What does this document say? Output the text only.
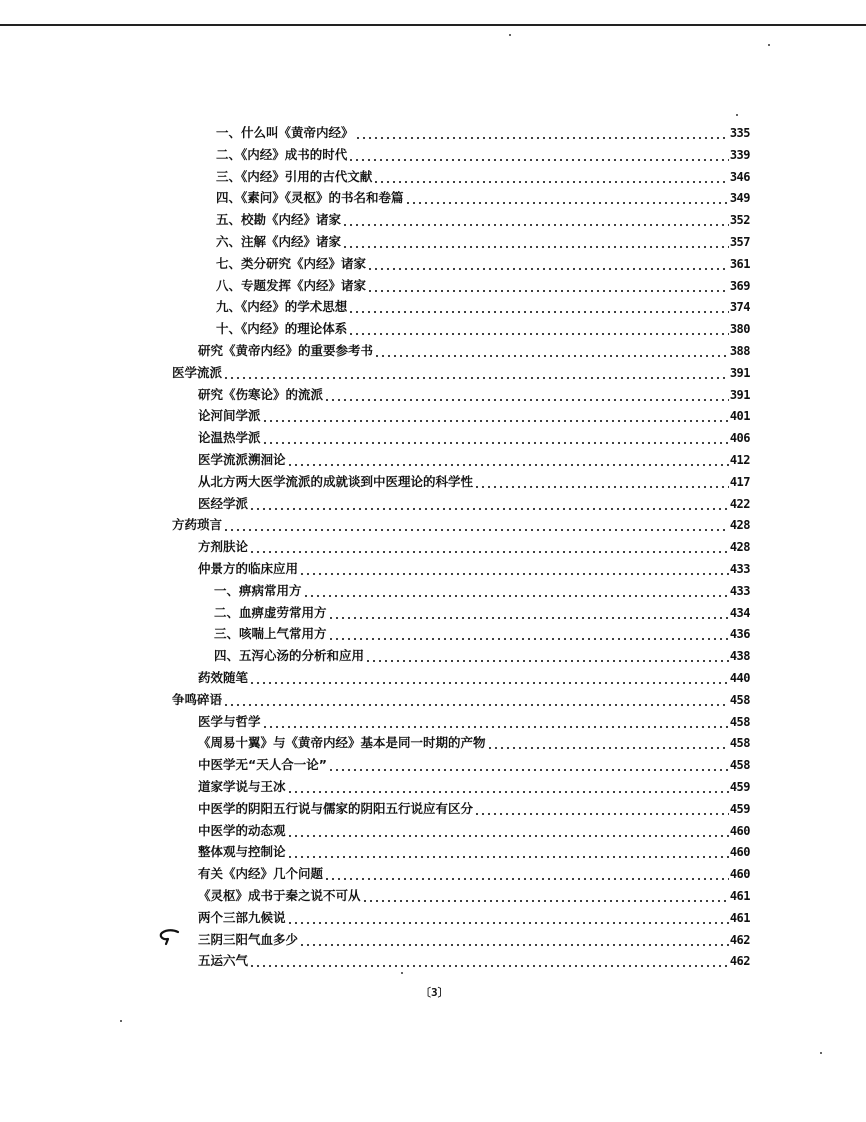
一、什么叫《黄帝内经》	335
二、《内经》成书的时代	339
三、《内经》引用的古代文献	346
四、《素问》《灵枢》的书名和卷篇	349
五、校勘《内经》诸家	352
六、注解《内经》诸家	357
七、类分研究《内经》诸家	361
八、专题发挥《内经》诸家	369
九、《内经》的学术思想	374
十、《内经》的理论体系	380
研究《黄帝内经》的重要参考书	388
医学流派	391
研究《伤寒论》的流派	391
论河间学派	401
论温热学派	406
医学流派溯洄论	412
从北方两大医学流派的成就谈到中医理论的科学性	417
医经学派	422
方药琐言	428
方剂肤论	428
仲景方的临床应用	433
一、痹病常用方	433
二、血痹虚劳常用方	434
三、咳喘上气常用方	436
四、五泻心汤的分析和应用	438
药效随笔	440
争鸣碎语	458
医学与哲学	458
《周易十翼》与《黄帝内经》基本是同一时期的产物	458
中医学无“天人合一论”	458
道家学说与王冰	459
中医学的阴阳五行说与儒家的阴阳五行说应有区分	459
中医学的动态观	460
整体观与控制论	460
有关《内经》几个问题	460
《灵枢》成书于秦之说不可从	461
两个三部九候说	461
三阴三阳气血多少	462
五运六气	462
〔3〕
